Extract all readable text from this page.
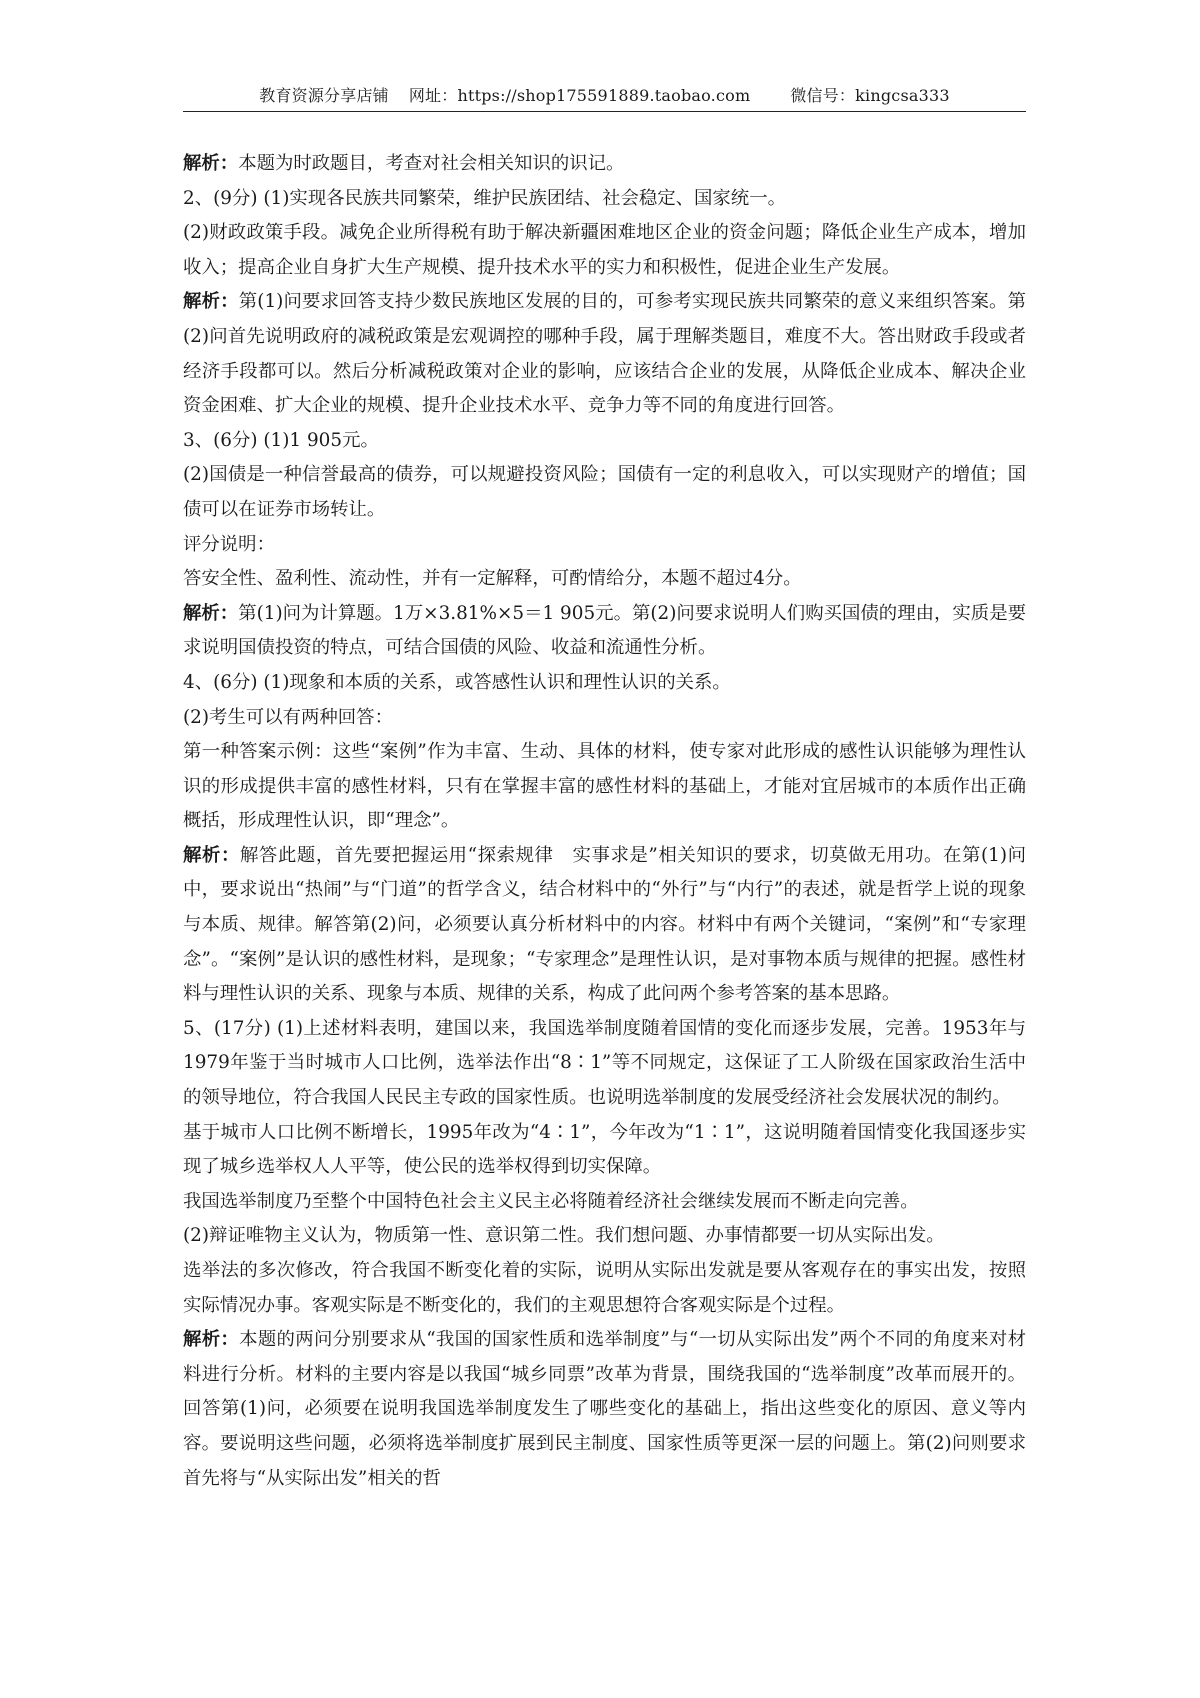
教育资源分享店铺 网址：https://shop175591889.taobao.com	微信号：kingcsa333

解析：本题为时政题目，考查对社会相关知识的识记。

2、(9分) (1)实现各民族共同繁荣，维护民族团结、社会稳定、国家统一。

(2)财政政策手段。减免企业所得税有助于解决新疆困难地区企业的资金问题；降低企业生产成本，增加收入；提高企业自身扩大生产规模、提升技术水平的实力和积极性，促进企业生产发展。

解析：第(1)问要求回答支持少数民族地区发展的目的，可参考实现民族共同繁荣的意义来组织答案。第(2)问首先说明政府的减税政策是宏观调控的哪种手段，属于理解类题目，难度不大。答出财政手段或者经济手段都可以。然后分析减税政策对企业的影响，应该结合企业的发展，从降低企业成本、解决企业资金困难、扩大企业的规模、提升企业技术水平、竞争力等不同的角度进行回答。

3、(6分) (1)1 905元。

(2)国债是一种信誉最高的债券，可以规避投资风险；国债有一定的利息收入，可以实现财产的增值；国债可以在证券市场转让。

评分说明：

答安全性、盈利性、流动性，并有一定解释，可酌情给分，本题不超过4分。

解析：第(1)问为计算题。1万×3.81%×5＝1 905元。第(2)问要求说明人们购买国债的理由，实质是要求说明国债投资的特点，可结合国债的风险、收益和流通性分析。

4、(6分) (1)现象和本质的关系，或答感性认识和理性认识的关系。

(2)考生可以有两种回答：

第一种答案示例：这些“案例”作为丰富、生动、具体的材料，使专家对此形成的感性认识能够为理性认识的形成提供丰富的感性材料，只有在掌握丰富的感性材料的基础上，才能对宜居城市的本质作出正确概括，形成理性认识，即“理念”。

解析：解答此题，首先要把握运用“探索规律　实事求是”相关知识的要求，切莫做无用功。在第(1)问中，要求说出“热闹”与“门道”的哲学含义，结合材料中的“外行”与“内行”的表述，就是哲学上说的现象与本质、规律。解答第(2)问，必须要认真分析材料中的内容。材料中有两个关键词，“案例”和“专家理念”。“案例”是认识的感性材料，是现象；“专家理念”是理性认识，是对事物本质与规律的把握。感性材料与理性认识的关系、现象与本质、规律的关系，构成了此问两个参考答案的基本思路。

5、(17分) (1)上述材料表明，建国以来，我国选举制度随着国情的变化而逐步发展，完善。1953年与1979年鉴于当时城市人口比例，选举法作出“8∶1”等不同规定，这保证了工人阶级在国家政治生活中的领导地位，符合我国人民民主专政的国家性质。也说明选举制度的发展受经济社会发展状况的制约。

基于城市人口比例不断增长，1995年改为“4∶1”，今年改为“1∶1”，这说明随着国情变化我国逐步实现了城乡选举权人人平等，使公民的选举权得到切实保障。

我国选举制度乃至整个中国特色社会主义民主必将随着经济社会继续发展而不断走向完善。

(2)辩证唯物主义认为，物质第一性、意识第二性。我们想问题、办事情都要一切从实际出发。

选举法的多次修改，符合我国不断变化着的实际，说明从实际出发就是要从客观存在的事实出发，按照实际情况办事。客观实际是不断变化的，我们的主观思想符合客观实际是个过程。

解析：本题的两问分别要求从“我国的国家性质和选举制度”与“一切从实际出发”两个不同的角度来对材料进行分析。材料的主要内容是以我国“城乡同票”改革为背景，围绕我国的“选举制度”改革而展开的。回答第(1)问，必须要在说明我国选举制度发生了哪些变化的基础上，指出这些变化的原因、意义等内容。要说明这些问题，必须将选举制度扩展到民主制度、国家性质等更深一层的问题上。第(2)问则要求首先将与“从实际出发”相关的哲
